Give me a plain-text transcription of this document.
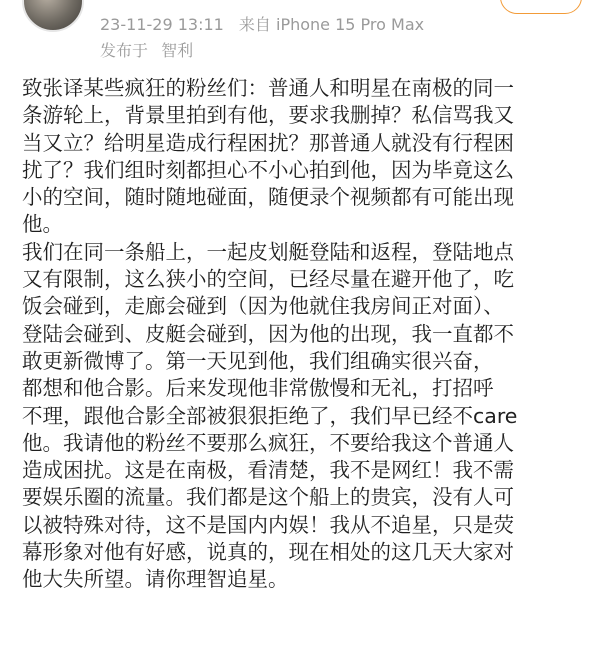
23-11-29 13:11 来自 iPhone 15 Pro Max
发布于 智利

致张译某些疯狂的粉丝们：普通人和明星在南极的同一

条游轮上，背景里拍到有他，要求我删掉？私信骂我又

当又立？给明星造成行程困扰？那普通人就没有行程困

扰了？我们组时刻都担心不小心拍到他，因为毕竟这么

小的空间，随时随地碰面，随便录个视频都有可能出现

他。

我们在同一条船上，一起皮划艇登陆和返程，登陆地点

又有限制，这么狭小的空间，已经尽量在避开他了，吃

饭会碰到，走廊会碰到（因为他就住我房间正对面）、

登陆会碰到、皮艇会碰到，因为他的出现，我一直都不

敢更新微博了。第一天见到他，我们组确实很兴奋，

都想和他合影。后来发现他非常傲慢和无礼，打招呼

不理，跟他合影全部被狠狠拒绝了，我们早已经不care

他。我请他的粉丝不要那么疯狂，不要给我这个普通人

造成困扰。这是在南极，看清楚，我不是网红！我不需

要娱乐圈的流量。我们都是这个船上的贵宾，没有人可

以被特殊对待，这不是国内内娱！我从不追星，只是荧

幕形象对他有好感，说真的，现在相处的这几天大家对

他大失所望。请你理智追星。
